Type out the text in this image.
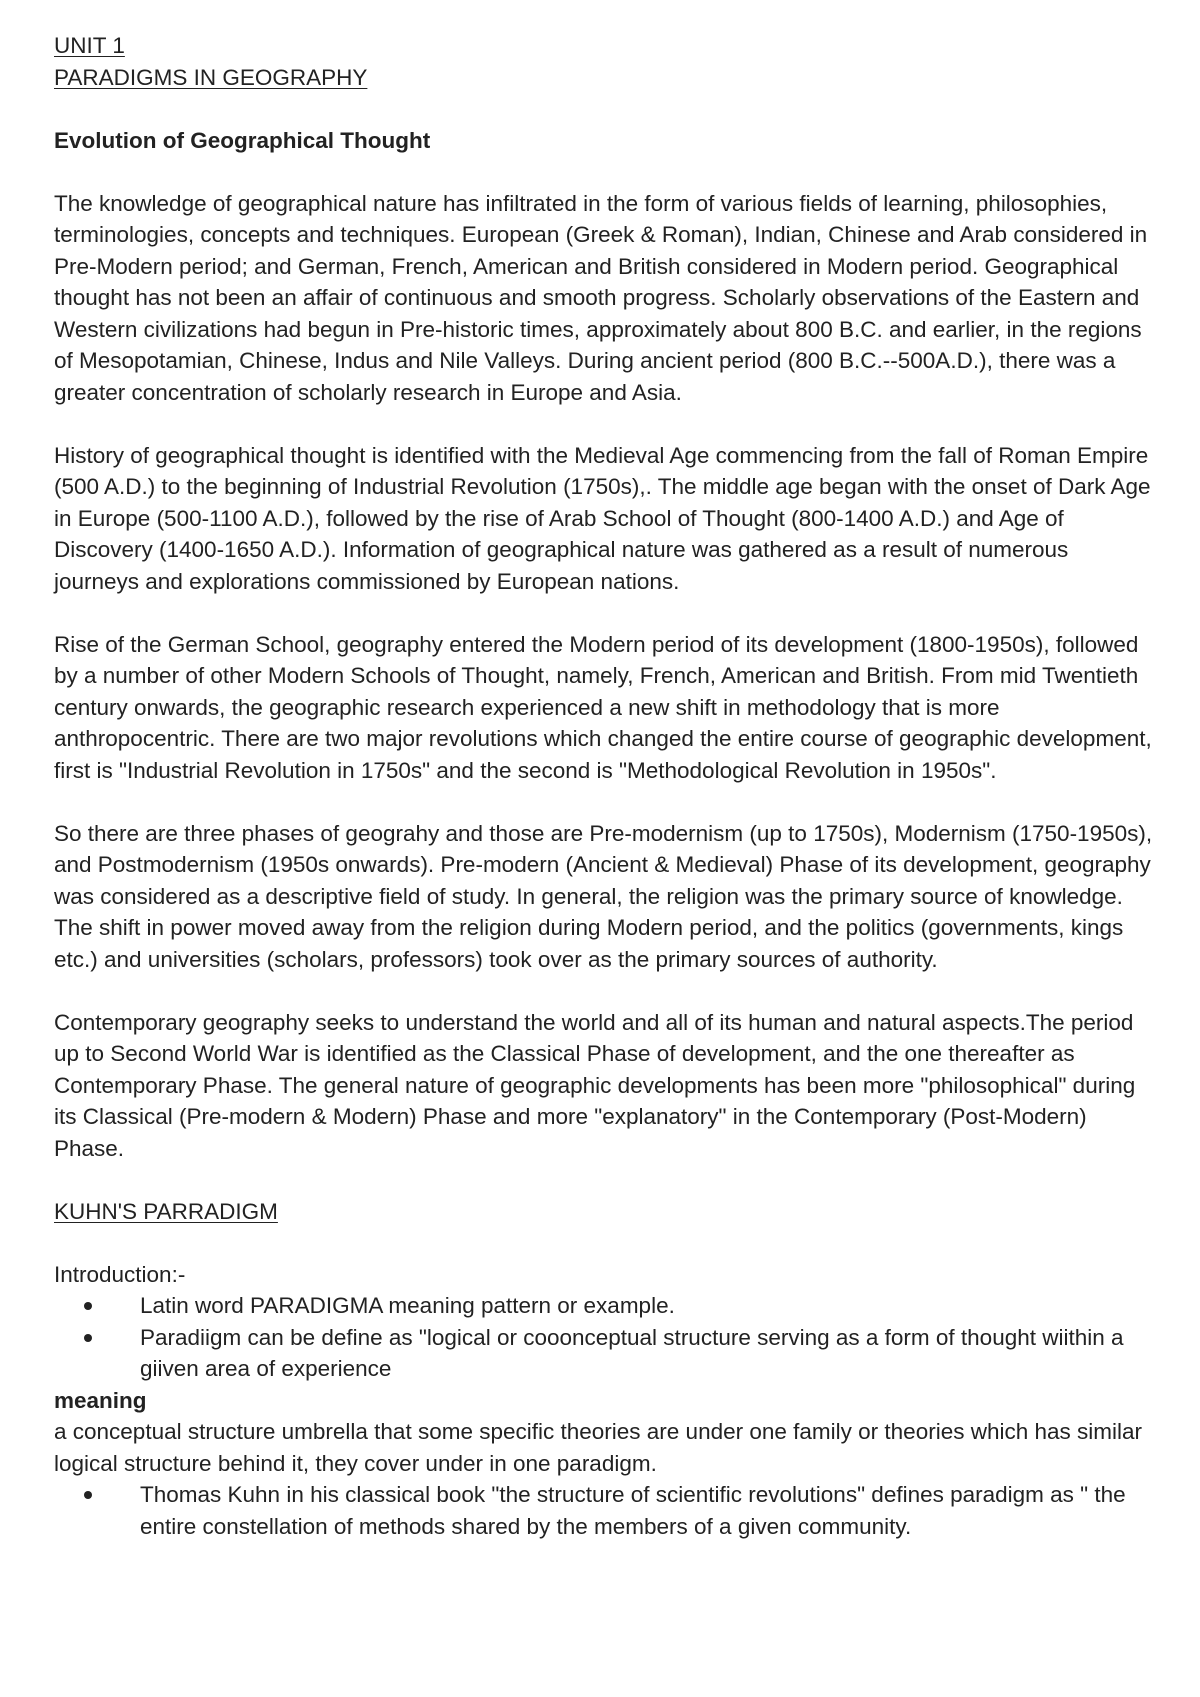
UNIT 1
PARADIGMS IN GEOGRAPHY
Evolution of Geographical Thought

The knowledge of geographical nature has infiltrated in the form of various fields of learning, philosophies, terminologies, concepts and techniques. European (Greek & Roman), Indian, Chinese and Arab considered in Pre-Modern period; and German, French, American and British considered in Modern period. Geographical thought has not been an affair of continuous and smooth progress. Scholarly observations of the Eastern and Western civilizations had begun in Pre-historic times, approximately about 800 B.C. and earlier, in the regions of Mesopotamian, Chinese, Indus and Nile Valleys. During ancient period (800 B.C.--500A.D.), there was a greater concentration of scholarly research in Europe and Asia.

History of geographical thought is identified with the Medieval Age commencing from the fall of Roman Empire (500 A.D.) to the beginning of Industrial Revolution (1750s),. The middle age began with the onset of Dark Age in Europe (500-1100 A.D.), followed by the rise of Arab School of Thought (800-1400 A.D.) and Age of Discovery (1400-1650 A.D.). Information of geographical nature was gathered as a result of numerous journeys and explorations commissioned by European nations.

Rise of the German School, geography entered the Modern period of its development (1800-1950s), followed by a number of other Modern Schools of Thought, namely, French, American and British. From mid Twentieth century onwards, the geographic research experienced a new shift in methodology that is more anthropocentric. There are two major revolutions which changed the entire course of geographic development, first is "Industrial Revolution in 1750s" and the second is "Methodological Revolution in 1950s".

So there are three phases of geograhy and those are Pre-modernism (up to 1750s), Modernism (1750-1950s), and Postmodernism (1950s onwards). Pre-modern (Ancient & Medieval) Phase of its development, geography was considered as a descriptive field of study. In general, the religion was the primary source of knowledge. The shift in power moved away from the religion during Modern period, and the politics (governments, kings etc.) and universities (scholars, professors) took over as the primary sources of authority.

Contemporary geography seeks to understand the world and all of its human and natural aspects.The period up to Second World War is identified as the Classical Phase of development, and the one thereafter as Contemporary Phase. The general nature of geographic developments has been more "philosophical" during its Classical (Pre-modern & Modern) Phase and more "explanatory" in the Contemporary (Post-Modern) Phase.

KUHN'S PARRADIGM
Introduction:-
Latin word PARADIGMA meaning pattern or example.
Paradiigm can be define as "logical or cooonceptual structure serving as a form of thought wiithin a giiven area of experience
meaning

a conceptual structure umbrella that some specific theories are under one family or theories which has similar logical structure behind it, they cover under in one paradigm.

Thomas Kuhn in his classical book "the structure of scientific revolutions" defines paradigm as " the entire constellation of methods shared by the members of a given community.
